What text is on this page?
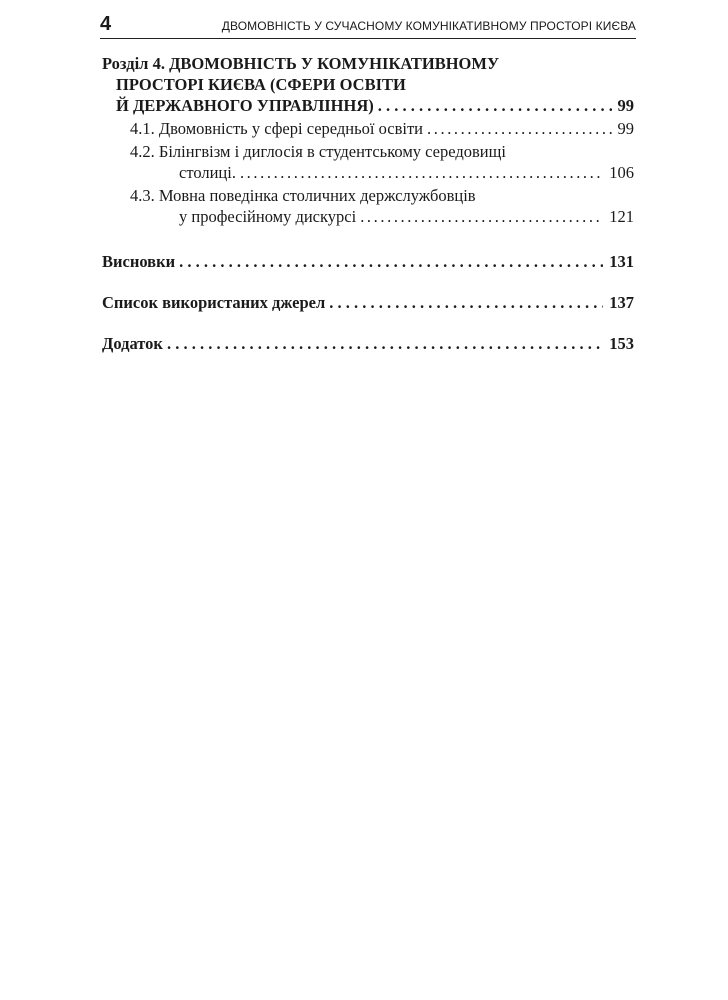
4	ДВОМОВНІСТЬ У СУЧАСНОМУ КОМУНІКАТИВНОМУ ПРОСТОРІ КИЄВА
Розділ 4. ДВОМОВНІСТЬ У КОМУНІКАТИВНОМУ
ПРОСТОРІ КИЄВА (СФЕРИ ОСВІТИ
Й ДЕРЖАВНОГО УПРАВЛІННЯ) . . .	99
4.1. Двомовність у сфері середньої освіти .....	99
4.2. Білінгвізм і диглосія в студентському середовищі
столиці. .....	106
4.3. Мовна поведінка столичних держслужбовців
у професійному дискурсі .....	121
Висновки . . .	131
Список використаних джерел . . .	137
Додаток . . .	153
